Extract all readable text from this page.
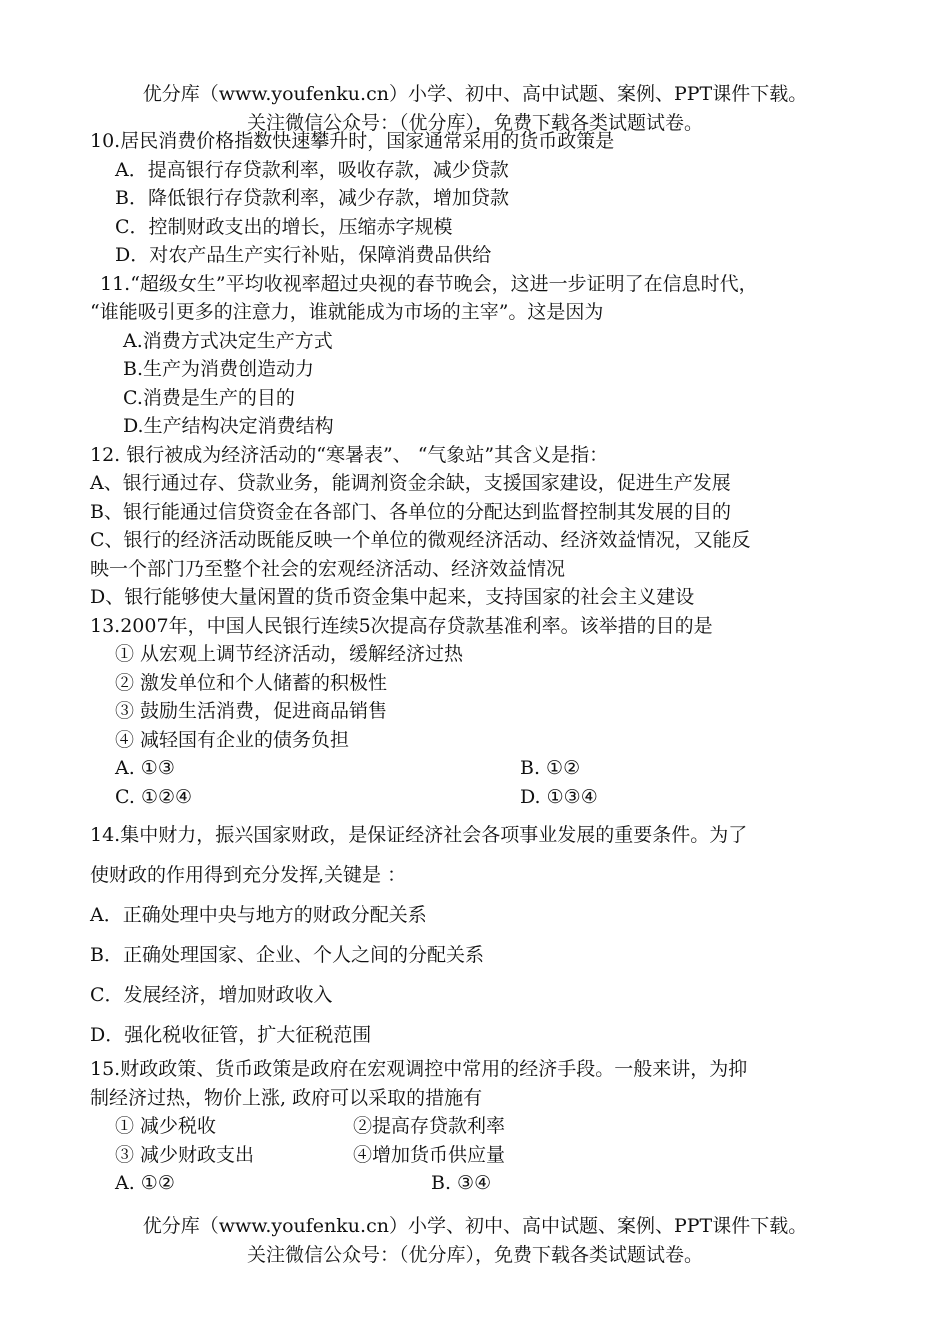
优分库（www.youfenku.cn）小学、初中、高中试题、案例、PPT课件下载。
关注微信公众号：（优分库），免费下载各类试题试卷。
10.居民消费价格指数快速攀升时，国家通常采用的货币政策是
A．提高银行存贷款利率，吸收存款，减少贷款
B．降低银行存贷款利率，减少存款，增加贷款
C．控制财政支出的增长，压缩赤字规模
D．对农产品生产实行补贴，保障消费品供给
11.“超级女生”平均收视率超过央视的春节晚会，这进一步证明了在信息时代，
“谁能吸引更多的注意力，谁就能成为市场的主宰”。这是因为
A.消费方式决定生产方式
B.生产为消费创造动力
C.消费是生产的目的
D.生产结构决定消费结构
12. 银行被成为经济活动的“寒暑表”、 “气象站”其含义是指：
A、银行通过存、贷款业务，能调剂资金余缺，支援国家建设，促进生产发展
B、银行能通过信贷资金在各部门、各单位的分配达到监督控制其发展的目的
C、银行的经济活动既能反映一个单位的微观经济活动、经济效益情况，又能反
映一个部门乃至整个社会的宏观经济活动、经济效益情况
D、银行能够使大量闲置的货币资金集中起来，支持国家的社会主义建设
13.2007年，中国人民银行连续5次提高存贷款基准利率。该举措的目的是
① 从宏观上调节经济活动，缓解经济过热
② 激发单位和个人储蓄的积极性
③ 鼓励生活消费，促进商品销售
④ 减轻国有企业的债务负担
A. ①③	B. ①②
C. ①②④	D. ①③④
14.集中财力，振兴国家财政，是保证经济社会各项事业发展的重要条件。为了
使财政的作用得到充分发挥,关键是 ：
A．正确处理中央与地方的财政分配关系
B．正确处理国家、企业、个人之间的分配关系
C．发展经济，增加财政收入
D．强化税收征管，扩大征税范围
15.财政政策、货币政策是政府在宏观调控中常用的经济手段。一般来讲，为抑
制经济过热，物价上涨, 政府可以采取的措施有
① 减少税收	②提高存贷款利率
③ 减少财政支出	④增加货币供应量
A. ①②	B. ③④
优分库（www.youfenku.cn）小学、初中、高中试题、案例、PPT课件下载。
关注微信公众号：（优分库），免费下载各类试题试卷。
